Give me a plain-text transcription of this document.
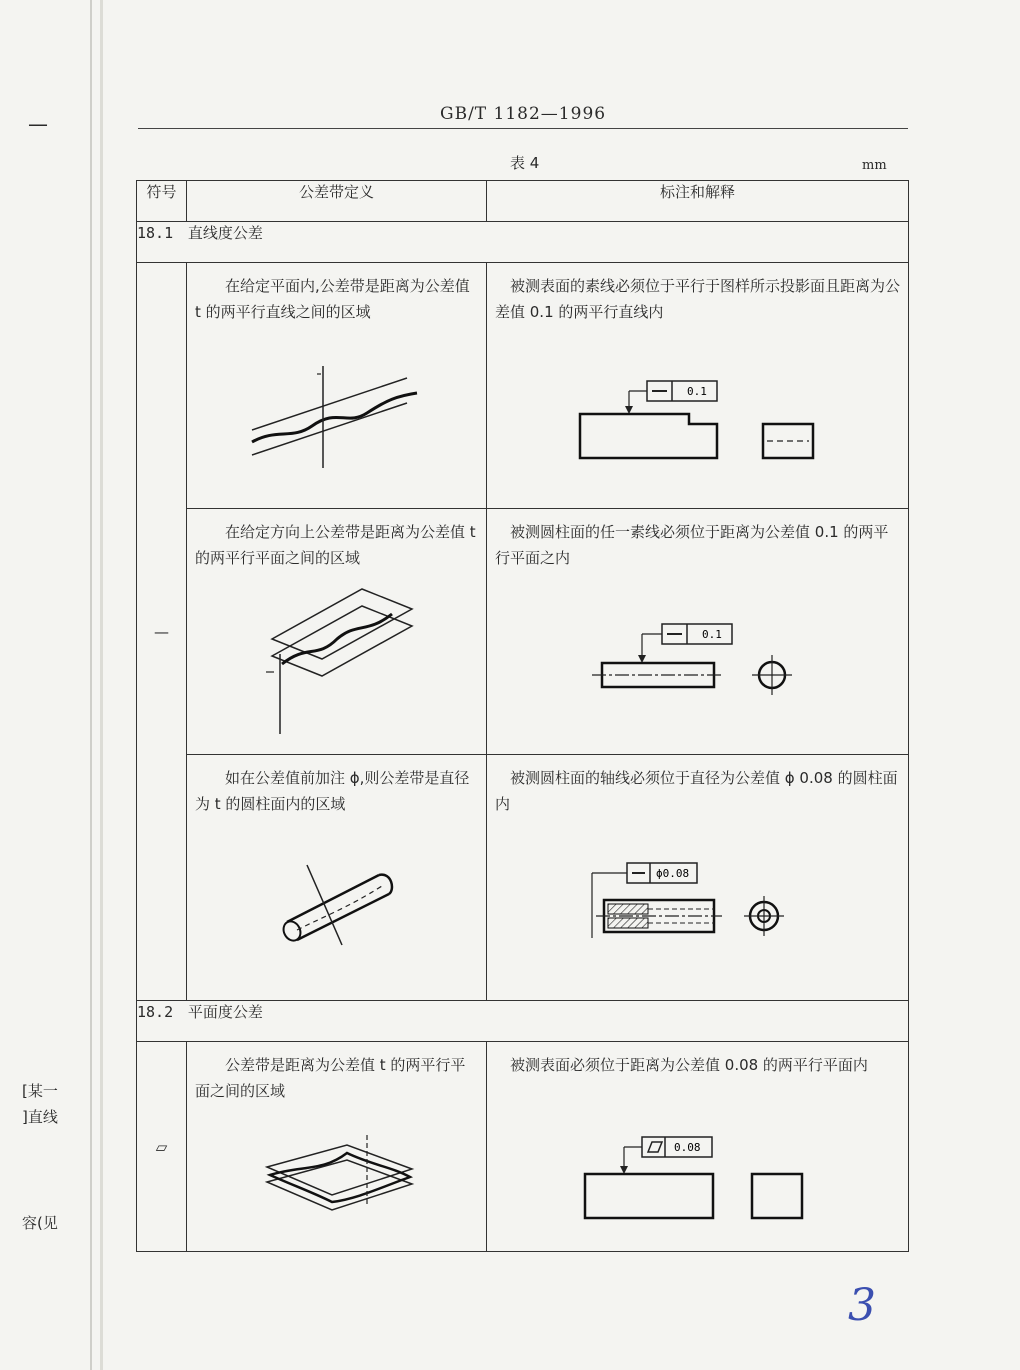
—
[某一
]直线
容(见
GB/T 1182—1996
表 4	mm
符号	公差带定义	标注和解释
18.1 直线度公差		
—	在给定平面内,公差带是距离为公差值 t 的两平行直线之间的区域	被测表面的素线必须位于平行于图样所示投影面且距离为公差值 0.1 的两平行直线内
0.1

	在给定方向上公差带是距离为公差值 t 的两平行平面之间的区域	被测圆柱面的任一素线必须位于距离为公差值 0.1 的两平行平面之内
0.1

	如在公差值前加注 ϕ,则公差带是直径为 t 的圆柱面内的区域	被测圆柱面的轴线必须位于直径为公差值 ϕ 0.08 的圆柱面内
ϕ0.08

18.2 平面度公差		
▱	公差带是距离为公差值 t 的两平行平面之间的区域	被测表面必须位于距离为公差值 0.08 的两平行平面内
0.08
3
